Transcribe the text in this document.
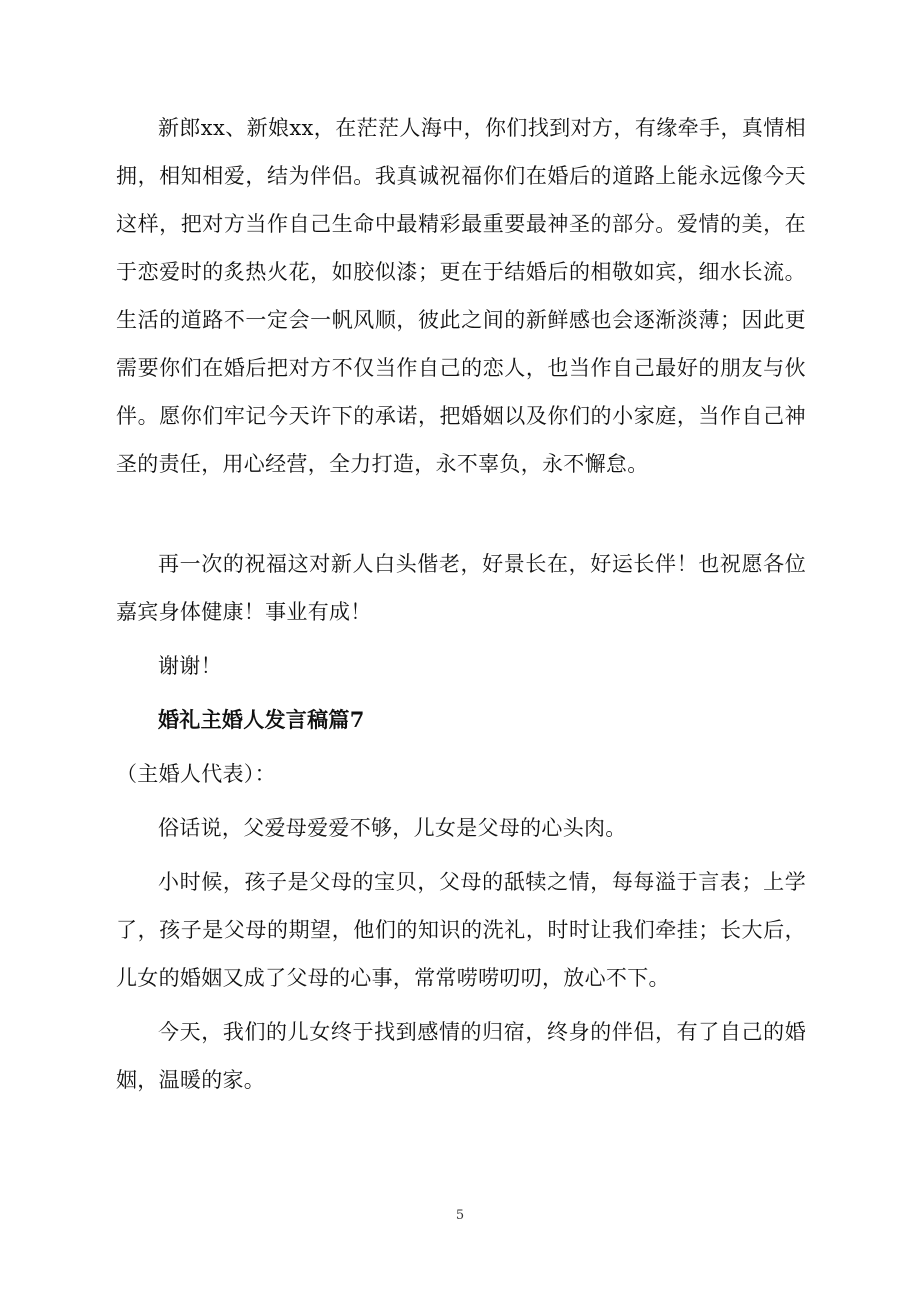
新郎xx、新娘xx，在茫茫人海中，你们找到对方，有缘牵手，真情相拥，相知相爱，结为伴侣。我真诚祝福你们在婚后的道路上能永远像今天这样，把对方当作自己生命中最精彩最重要最神圣的部分。爱情的美，在于恋爱时的炙热火花，如胶似漆；更在于结婚后的相敬如宾，细水长流。生活的道路不一定会一帆风顺，彼此之间的新鲜感也会逐渐淡薄；因此更需要你们在婚后把对方不仅当作自己的恋人，也当作自己最好的朋友与伙伴。愿你们牢记今天许下的承诺，把婚姻以及你们的小家庭，当作自己神圣的责任，用心经营，全力打造，永不辜负，永不懈怠。

再一次的祝福这对新人白头偕老，好景长在，好运长伴！也祝愿各位嘉宾身体健康！事业有成！

谢谢！

婚礼主婚人发言稿篇7

（主婚人代表）：

俗话说，父爱母爱爱不够，儿女是父母的心头肉。

小时候，孩子是父母的宝贝，父母的舐犊之情，每每溢于言表；上学了，孩子是父母的期望，他们的知识的洗礼，时时让我们牵挂；长大后，儿女的婚姻又成了父母的心事，常常唠唠叨叨，放心不下。

今天，我们的儿女终于找到感情的归宿，终身的伴侣，有了自己的婚姻，温暖的家。

5
